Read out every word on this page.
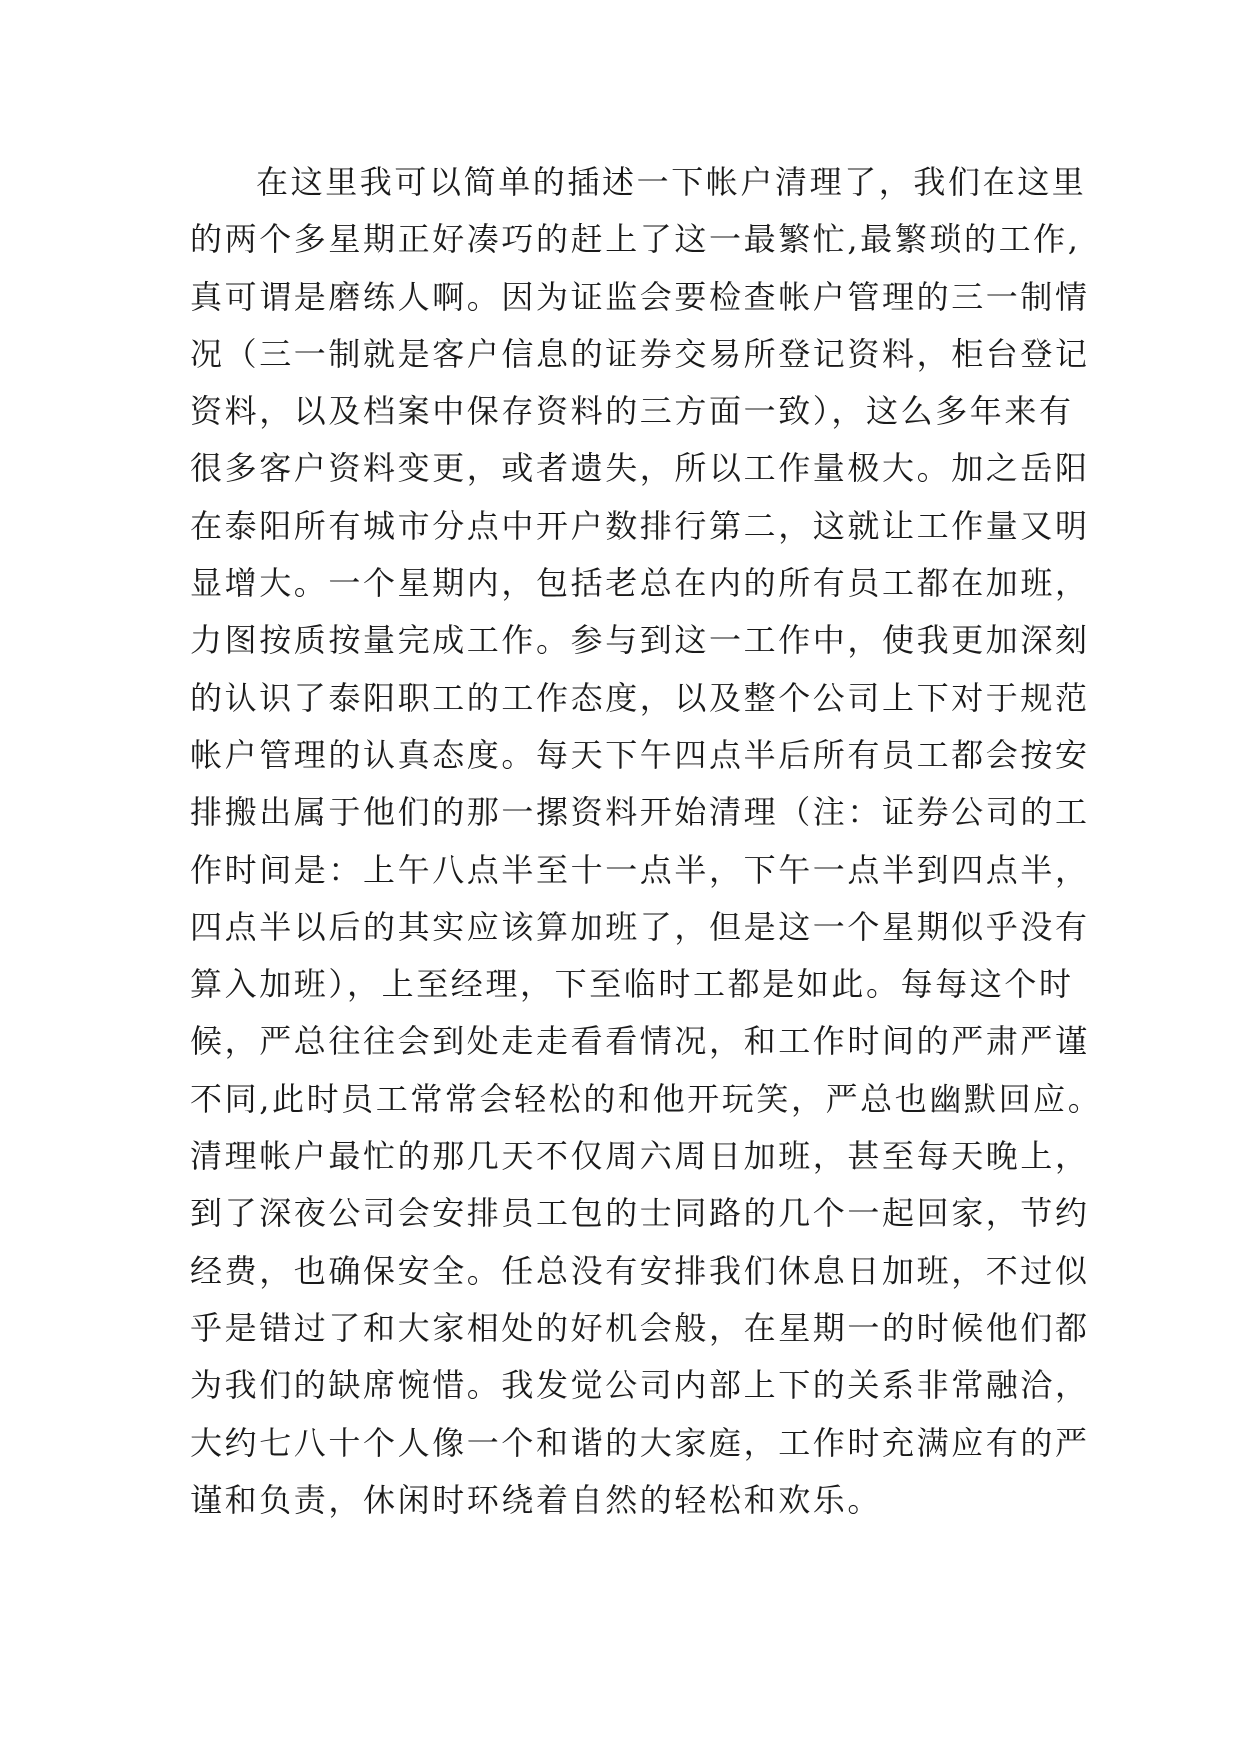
在这里我可以简单的插述一下帐户清理了，我们在这里
的两个多星期正好凑巧的赶上了这一最繁忙,最繁琐的工作,
真可谓是磨练人啊。因为证监会要检查帐户管理的三一制情
况（三一制就是客户信息的证券交易所登记资料，柜台登记
资料，以及档案中保存资料的三方面一致），这么多年来有
很多客户资料变更，或者遗失，所以工作量极大。加之岳阳
在泰阳所有城市分点中开户数排行第二，这就让工作量又明
显增大。一个星期内，包括老总在内的所有员工都在加班，
力图按质按量完成工作。参与到这一工作中，使我更加深刻
的认识了泰阳职工的工作态度，以及整个公司上下对于规范
帐户管理的认真态度。每天下午四点半后所有员工都会按安
排搬出属于他们的那一摞资料开始清理（注：证券公司的工
作时间是：上午八点半至十一点半，下午一点半到四点半，
四点半以后的其实应该算加班了，但是这一个星期似乎没有
算入加班），上至经理，下至临时工都是如此。每每这个时
候，严总往往会到处走走看看情况，和工作时间的严肃严谨
不同,此时员工常常会轻松的和他开玩笑，严总也幽默回应。
清理帐户最忙的那几天不仅周六周日加班，甚至每天晚上，
到了深夜公司会安排员工包的士同路的几个一起回家，节约
经费，也确保安全。任总没有安排我们休息日加班，不过似
乎是错过了和大家相处的好机会般，在星期一的时候他们都
为我们的缺席惋惜。我发觉公司内部上下的关系非常融洽，
大约七八十个人像一个和谐的大家庭，工作时充满应有的严
谨和负责，休闲时环绕着自然的轻松和欢乐。
